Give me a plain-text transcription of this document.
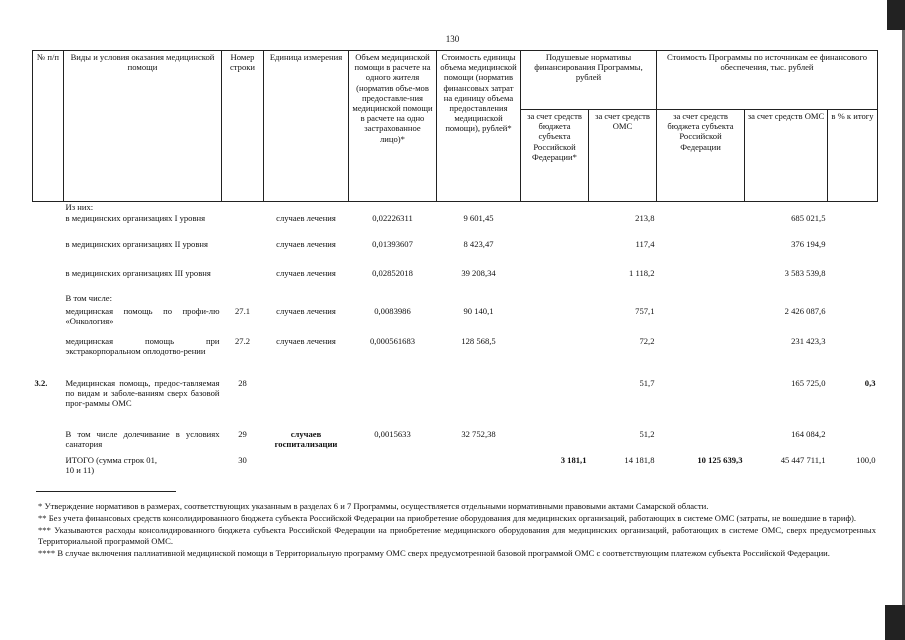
130
№ п/п	Виды и условия оказания медицинской помощи	Номер строки	Единица измерения	Объем медицинской помощи в расчете на одного жителя (норматив объе-мов предоставле-ния медицинской помощи в расчете на одно застрахованное лицо)*	Стоимость единицы объема медицинской помощи (норматив финансовых затрат на единицу объема предоставления медицинской помощи), рублей*	Подушевые нормативы финансирования Программы, рублей		Стоимость Программы по источникам ее финансового обеспечения, тыс. рублей		
						за счет средств бюджета субъекта Российской Федерации*	за счет средств ОМС	за счет средств бюджета субъекта Российской Федерации	за счет средств ОМС	в % к итогу
	Из них:									
	в медицинских организациях I уровня		случаев лечения	0,02226311	9 601,45		213,8		685 021,5	
	в медицинских организациях II уровня		случаев лечения	0,01393607	8 423,47		117,4		376 194,9	
	в медицинских организациях III уровня		случаев лечения	0,02852018	39 208,34		1 118,2		3 583 539,8	
	В том числе:									
	медицинская помощь по профи-лю «Онкология»	27.1	случаев лечения	0,0083986	90 140,1		757,1		2 426 087,6	
	медицинская помощь при экстракорпоральном оплодотво-рении	27.2	случаев лечения	0,000561683	128 568,5		72,2		231 423,3	
3.2.	Медицинская помощь, предос-тавляемая по видам и заболе-ваниям сверх базовой прог-раммы ОМС	28					51,7		165 725,0	0,3
	В том числе долечивание в условиях санатория	29	случаев госпитализации	0,0015633	32 752,38		51,2		164 084,2	
	ИТОГО (сумма строк 01, 10 и 11)	30				3 181,1	14 181,8	10 125 639,3	45 447 711,1	100,0

* Утверждение нормативов в размерах, соответствующих указанным в разделах 6 и 7 Программы, осуществляется отдельными нормативными правовыми актами Самарской области.

** Без учета финансовых средств консолидированного бюджета субъекта Российской Федерации на приобретение оборудования для медицинских организаций, работающих в системе ОМС (затраты, не вошедшие в тариф).

*** Указываются расходы консолидированного бюджета субъекта Российской Федерации на приобретение медицинского оборудования для медицинских организаций, работающих в системе ОМС, сверх предусмотренных Территориальной программой ОМС.

**** В случае включения паллиативной медицинской помощи в Территориальную программу ОМС сверх предусмотренной базовой программой ОМС с соответствующим платежом субъекта Российской Федерации.
